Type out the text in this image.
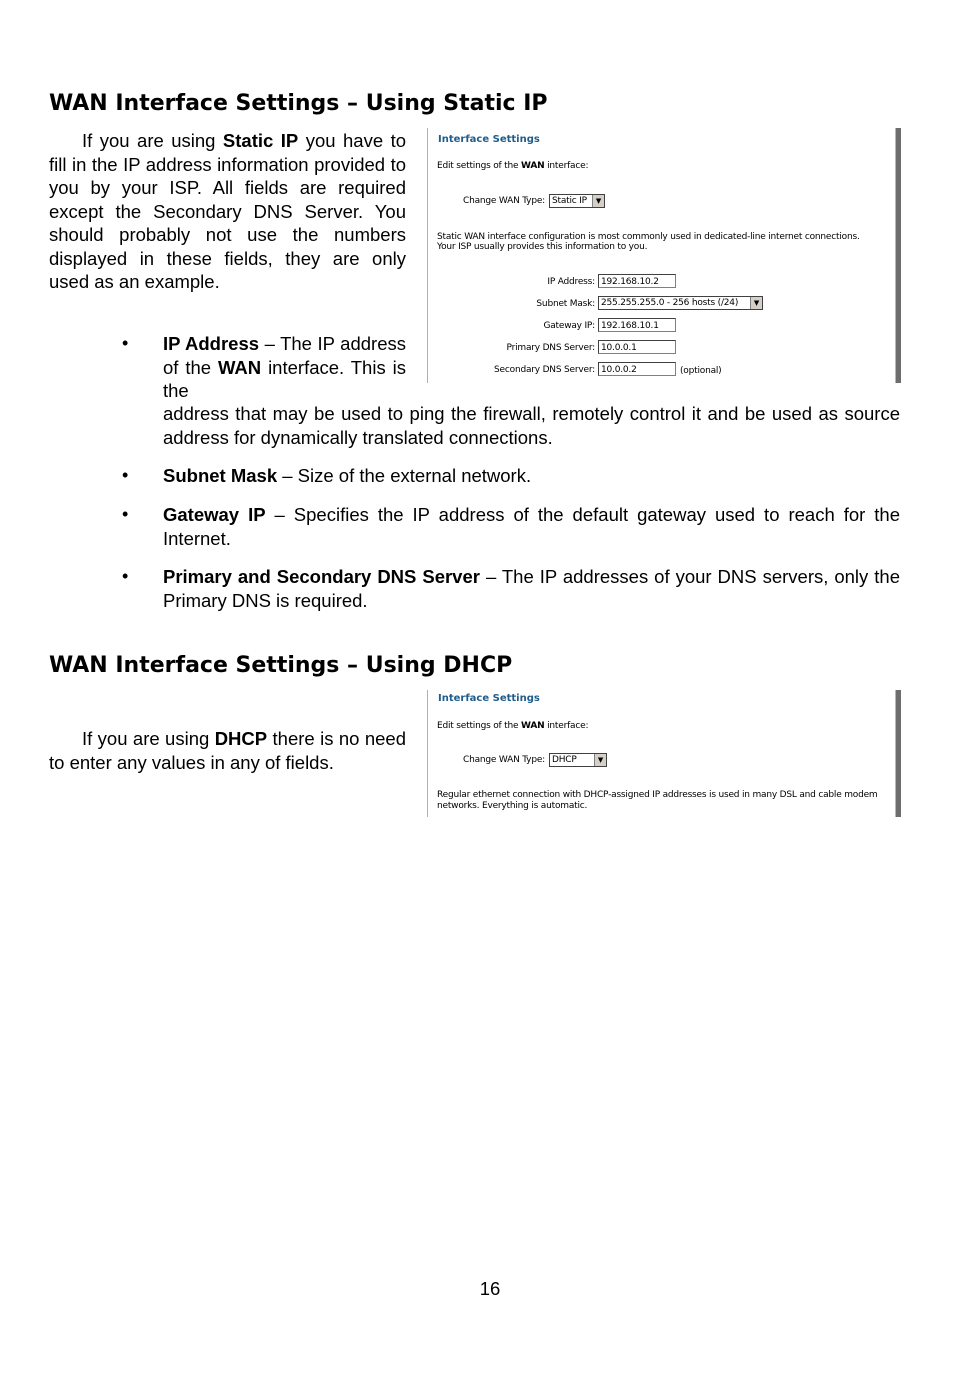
WAN Interface Settings – Using Static IP

If you are using Static IP you have to fill in the IP address information provided to you by your ISP. All fields are required except the Secondary DNS Server. You should probably not use the numbers displayed in these fields, they are only used as an example.

Interface Settings
Edit settings of the WAN interface:
Change WAN Type: Static IP	▼
Static WAN interface configuration is most commonly used in dedicated-line internet connections.
Your ISP usually provides this information to you.
IP Address: 192.168.10.2
Subnet Mask: 255.255.255.0 - 256 hosts (/24)	▼
Gateway IP: 192.168.10.1
Primary DNS Server: 10.0.0.1
Secondary DNS Server: 10.0.0.2	(optional)
• IP Address – The IP address of the WAN interface. This is the
address that may be used to ping the firewall, remotely control it and be used as source address for dynamically translated connections.
• Subnet Mask – Size of the external network.
• Gateway IP – Specifies the IP address of the default gateway used to reach for the Internet.
• Primary and Secondary DNS Server – The IP addresses of your DNS servers, only the Primary DNS is required.
WAN Interface Settings – Using DHCP

If you are using DHCP there is no need to enter any values in any of fields.

Interface Settings
Edit settings of the WAN interface:
Change WAN Type: DHCP	▼
Regular ethernet connection with DHCP-assigned IP addresses is used in many DSL and cable modem
networks. Everything is automatic.
16
